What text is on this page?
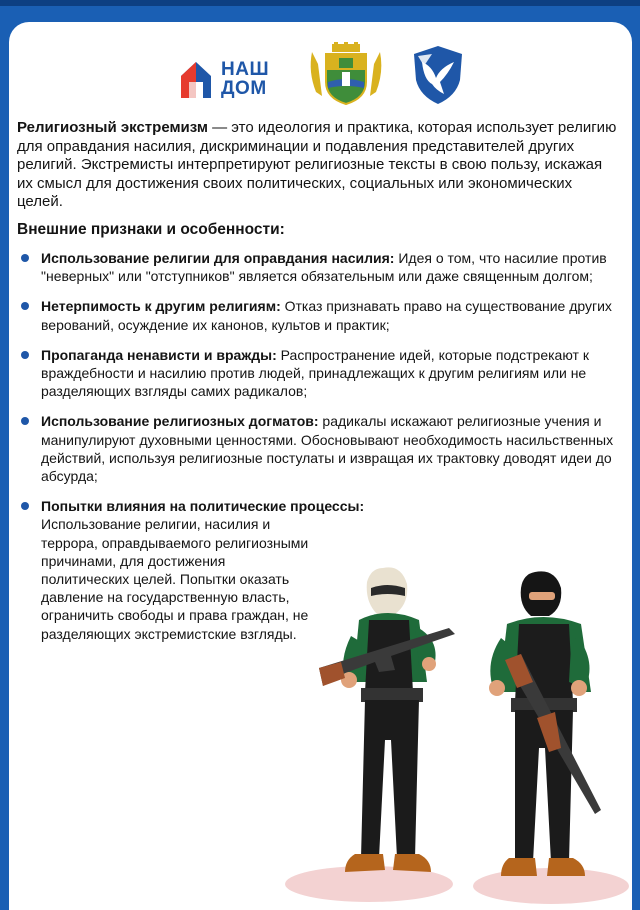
НАШ
ДОМ

Религиозный экстремизм — это идеология и практика, которая использует религию для оправдания насилия, дискриминации и подавления представителей других религий. Экстремисты интерпретируют религиозные тексты в свою пользу, искажая их смысл для достижения своих политических, социальных или экономических целей.

Внешние признаки и особенности:
Использование религии для оправдания насилия: Идея о том, что насилие против "неверных" или "отступников" является обязательным или даже священным долгом;
Нетерпимость к другим религиям: Отказ признавать право на существование других верований, осуждение их канонов, культов и практик;
Пропаганда ненависти и вражды: Распространение идей, которые подстрекают к враждебности и насилию против людей, принадлежащих к другим религиям или не разделяющих взгляды самих радикалов;
Использование религиозных догматов: радикалы искажают религиозные учения и манипулируют духовными ценностями. Обосновывают необходимость насильственных действий, используя религиозные постулаты и извращая их трактовку доводят идеи до абсурда;
Попытки влияния на политические процессы:
Использование религии, насилия и террора, оправдываемого религиозными причинами, для достижения политических целей. Попытки оказать давление на государственную власть, ограничить свободы и права граждан, не разделяющих экстремистские взгляды.
